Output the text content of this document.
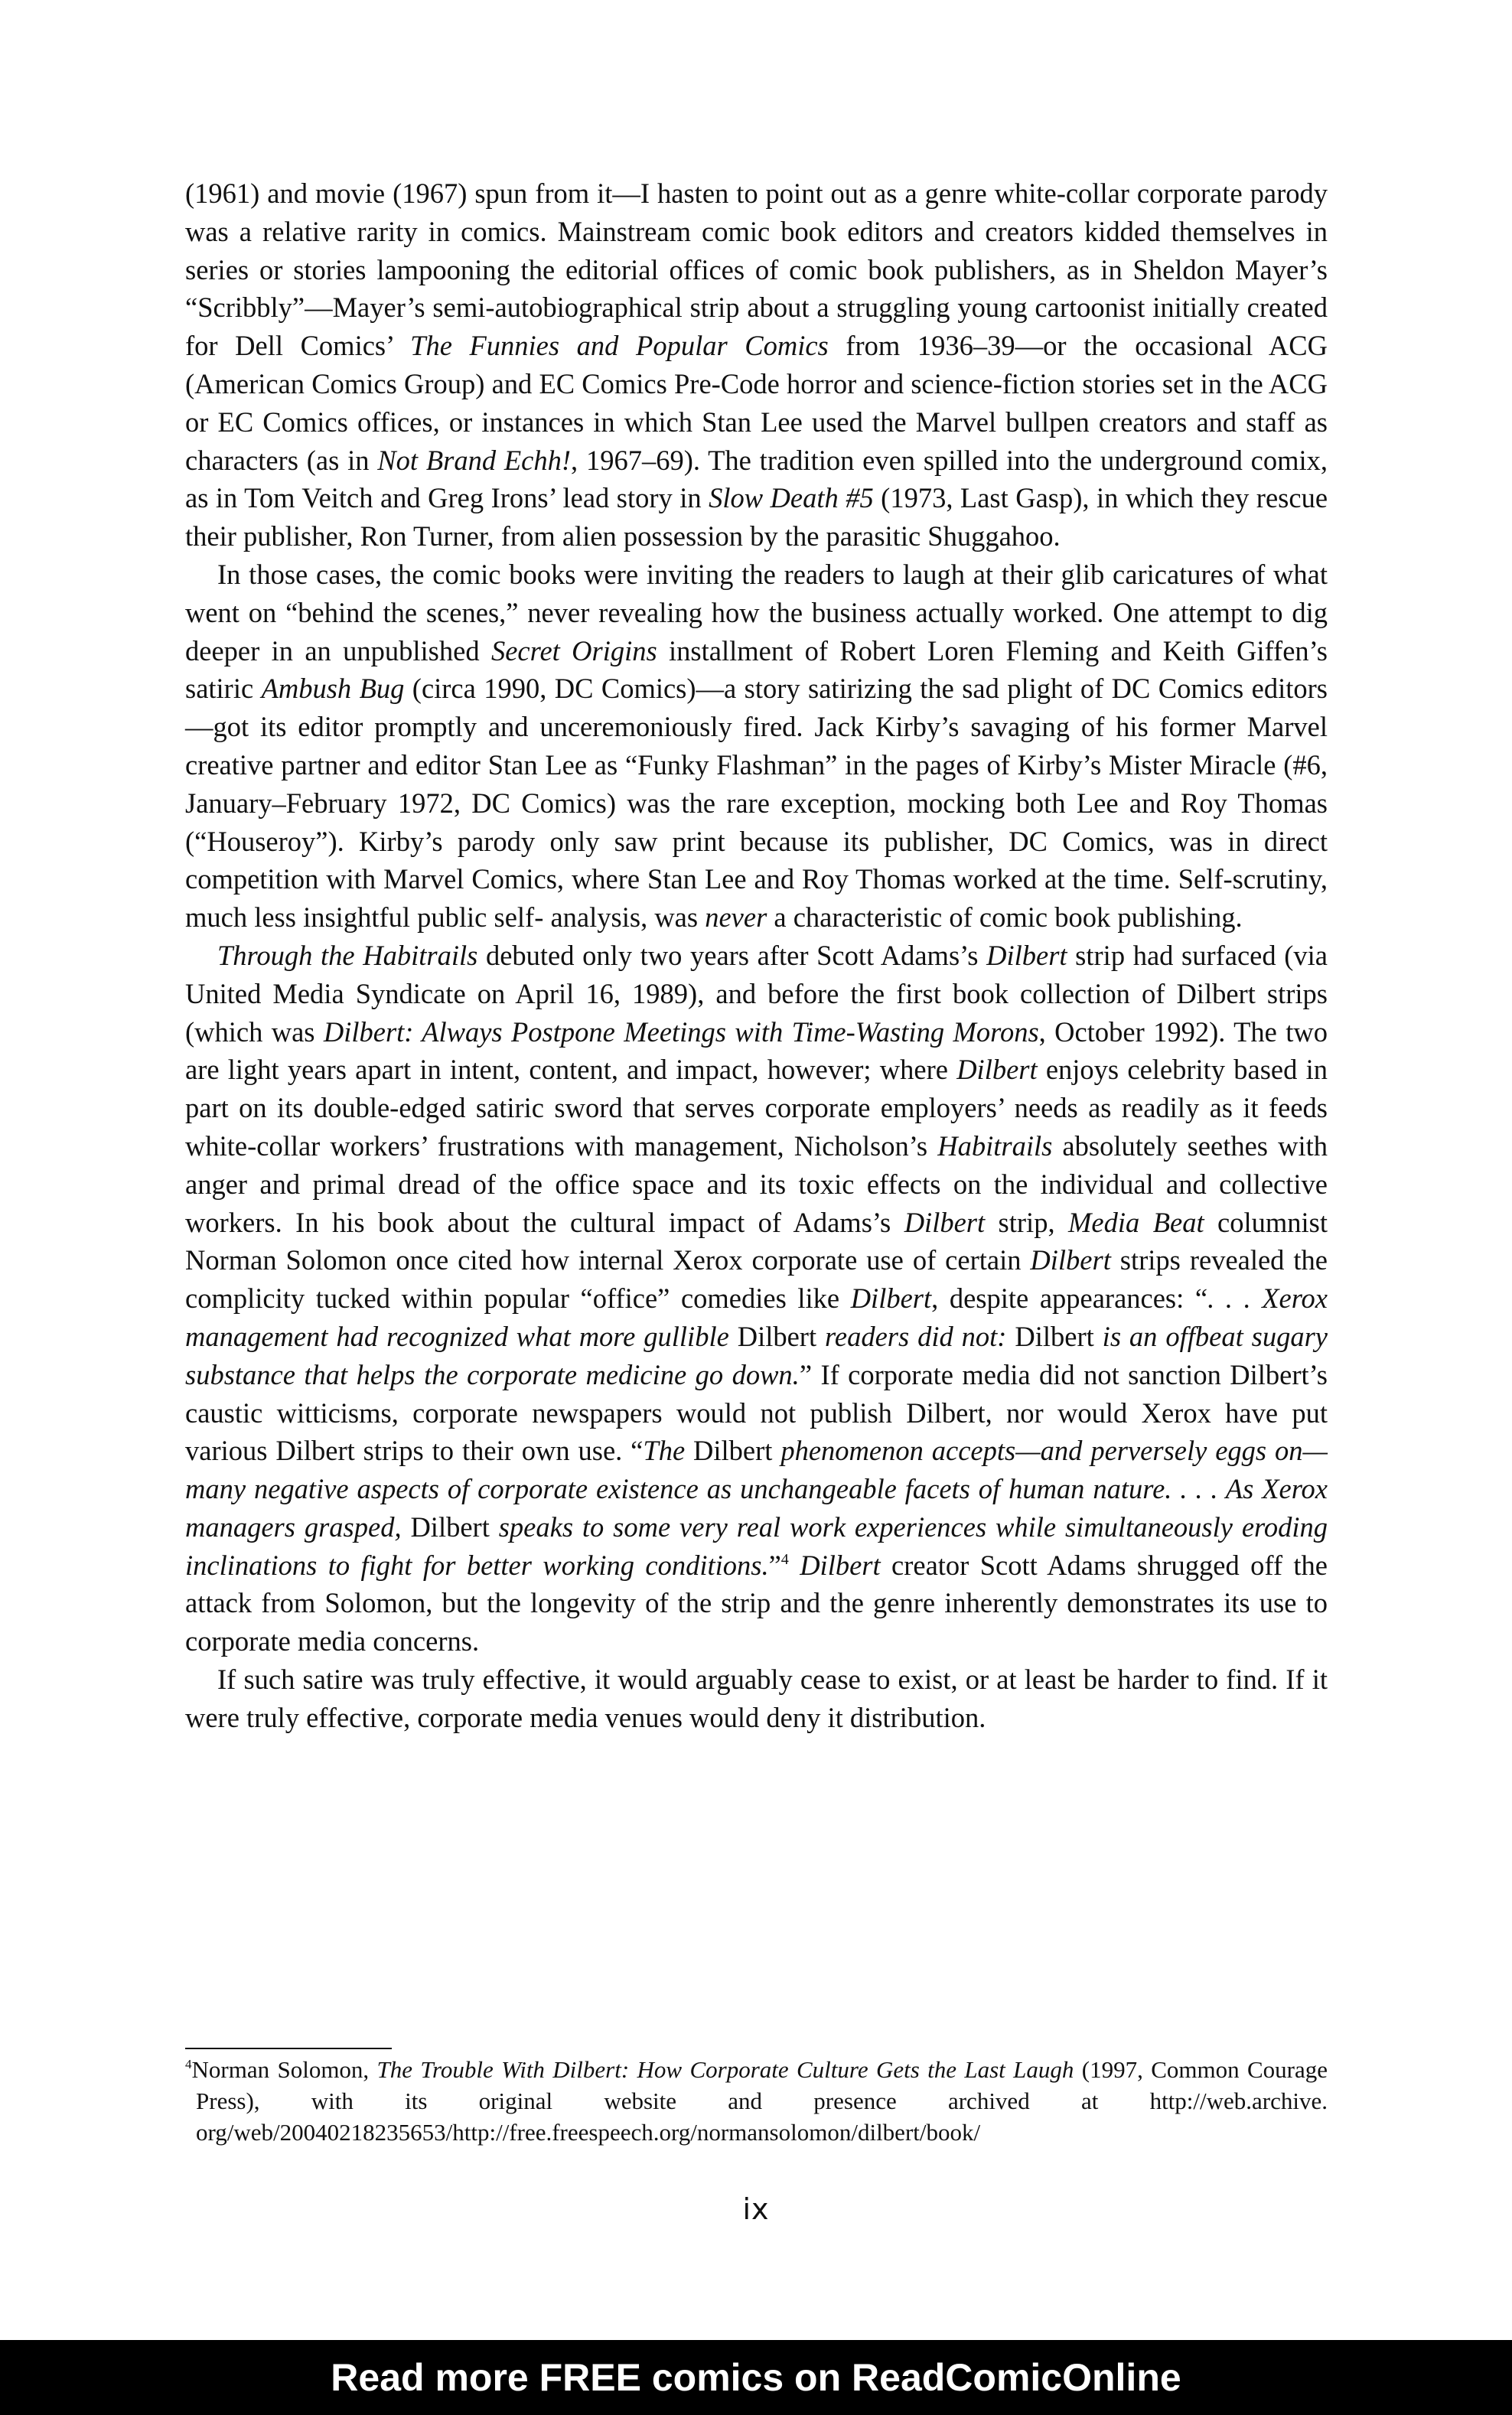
(1961) and movie (1967) spun from it—I hasten to point out as a genre white-collar corporate parody was a relative rarity in comics. Mainstream comic book editors and creators kidded themselves in series or stories lampooning the editorial offices of comic book publishers, as in Sheldon Mayer’s “Scribbly”—Mayer’s semi-autobiographical strip about a struggling young cartoonist initially created for Dell Comics’ The Funnies and Popular Comics from 1936–39—or the occasional ACG (American Comics Group) and EC Comics Pre-Code horror and science-fiction stories set in the ACG or EC Comics offices, or instances in which Stan Lee used the Marvel bullpen creators and staff as characters (as in Not Brand Echh!, 1967–69). The tradition even spilled into the underground comix, as in Tom Veitch and Greg Irons’ lead story in Slow Death #5 (1973, Last Gasp), in which they rescue their publisher, Ron Turner, from alien possession by the parasitic Shuggahoo.

In those cases, the comic books were inviting the readers to laugh at their glib caricatures of what went on “behind the scenes,” never revealing how the business actually worked. One attempt to dig deeper in an unpublished Secret Origins installment of Robert Loren Fleming and Keith Giffen’s satiric Ambush Bug (circa 1990, DC Comics)—a story satirizing the sad plight of DC Comics editors—got its editor promptly and unceremoniously fired. Jack Kirby’s savaging of his former Marvel creative partner and editor Stan Lee as “Funky Flashman” in the pages of Kirby’s Mister Miracle (#6, January–February 1972, DC Comics) was the rare exception, mocking both Lee and Roy Thomas (“Houseroy”). Kirby’s parody only saw print because its publisher, DC Comics, was in direct competition with Marvel Comics, where Stan Lee and Roy Thomas worked at the time. Self-scrutiny, much less insightful public self- analysis, was never a characteristic of comic book publishing.

Through the Habitrails debuted only two years after Scott Adams’s Dilbert strip had surfaced (via United Media Syndicate on April 16, 1989), and before the first book collection of Dilbert strips (which was Dilbert: Always Postpone Meetings with Time-Wasting Morons, October 1992). The two are light years apart in intent, content, and impact, however; where Dilbert enjoys celebrity based in part on its double-edged satiric sword that serves corporate employers’ needs as readily as it feeds white-collar workers’ frustrations with management, Nicholson’s Habitrails absolutely seethes with anger and primal dread of the office space and its toxic effects on the individual and collective workers. In his book about the cultural impact of Adams’s Dilbert strip, Media Beat columnist Norman Solomon once cited how internal Xerox corporate use of certain Dilbert strips revealed the complicity tucked within popular “office” comedies like Dilbert, despite appearances: “. . . Xerox management had recognized what more gullible Dilbert readers did not: Dilbert is an offbeat sugary substance that helps the corporate medicine go down.” If corporate media did not sanction Dilbert’s caustic witticisms, corporate newspapers would not publish Dilbert, nor would Xerox have put various Dilbert strips to their own use. “The Dilbert phenomenon accepts—and perversely eggs on—many negative aspects of corporate existence as unchangeable facets of human nature. . . . As Xerox managers grasped, Dilbert speaks to some very real work experiences while simultaneously eroding inclinations to fight for better working conditions.”$^4$ Dilbert creator Scott Adams shrugged off the attack from Solomon, but the longevity of the strip and the genre inherently demonstrates its use to corporate media concerns.

If such satire was truly effective, it would arguably cease to exist, or at least be harder to find. If it were truly effective, corporate media venues would deny it distribution.

$^4$Norman Solomon, The Trouble With Dilbert: How Corporate Culture Gets the Last Laugh (1997, Common Courage Press), with its original website and presence archived at http://web.archive.​org/web/20040218235653/http://free.freespeech.org/normansolomon/dilbert/book/
ix
Read more FREE comics on ReadComicOnline
